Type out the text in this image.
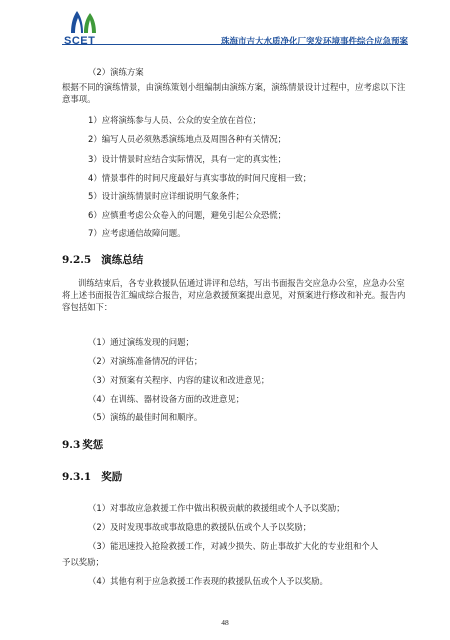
SCET	珠海市吉大水质净化厂突发环境事件综合应急预案
（2）演练方案
根据不同的演练情景，由演练策划小组编制由演练方案，演练情景设计过程中，应考虑以下注意事项。
1）应将演练参与人员、公众的安全放在首位；
2）编写人员必须熟悉演练地点及周围各种有关情况；
3）设计情景时应结合实际情况，具有一定的真实性；
4）情景事件的时间尺度最好与真实事故的时间尺度相一致；
5）设计演练情景时应详细说明气象条件；
6）应慎重考虑公众卷入的问题，避免引起公众恐慌；
7）应考虑通信故障问题。
9.2.5 演练总结
训练结束后，各专业救援队伍通过讲评和总结，写出书面报告交应急办公室，应急办公室将上述书面报告汇编成综合报告，对应急救援预案提出意见，对预案进行修改和补充。报告内容包括如下：
（1）通过演练发现的问题；
（2）对演练准备情况的评估；
（3）对预案有关程序、内容的建议和改进意见；
（4）在训练、器材设备方面的改进意见；
（5）演练的最佳时间和顺序。
9.3 奖惩
9.3.1 奖励
（1）对事故应急救援工作中做出积极贡献的救援组或个人予以奖励；
（2）及时发现事故或事故隐患的救援队伍或个人予以奖励；
（3）能迅速投入抢险救援工作，对减少损失、防止事故扩大化的专业组和个人
予以奖励；
（4）其他有利于应急救援工作表现的救援队伍或个人予以奖励。
48
